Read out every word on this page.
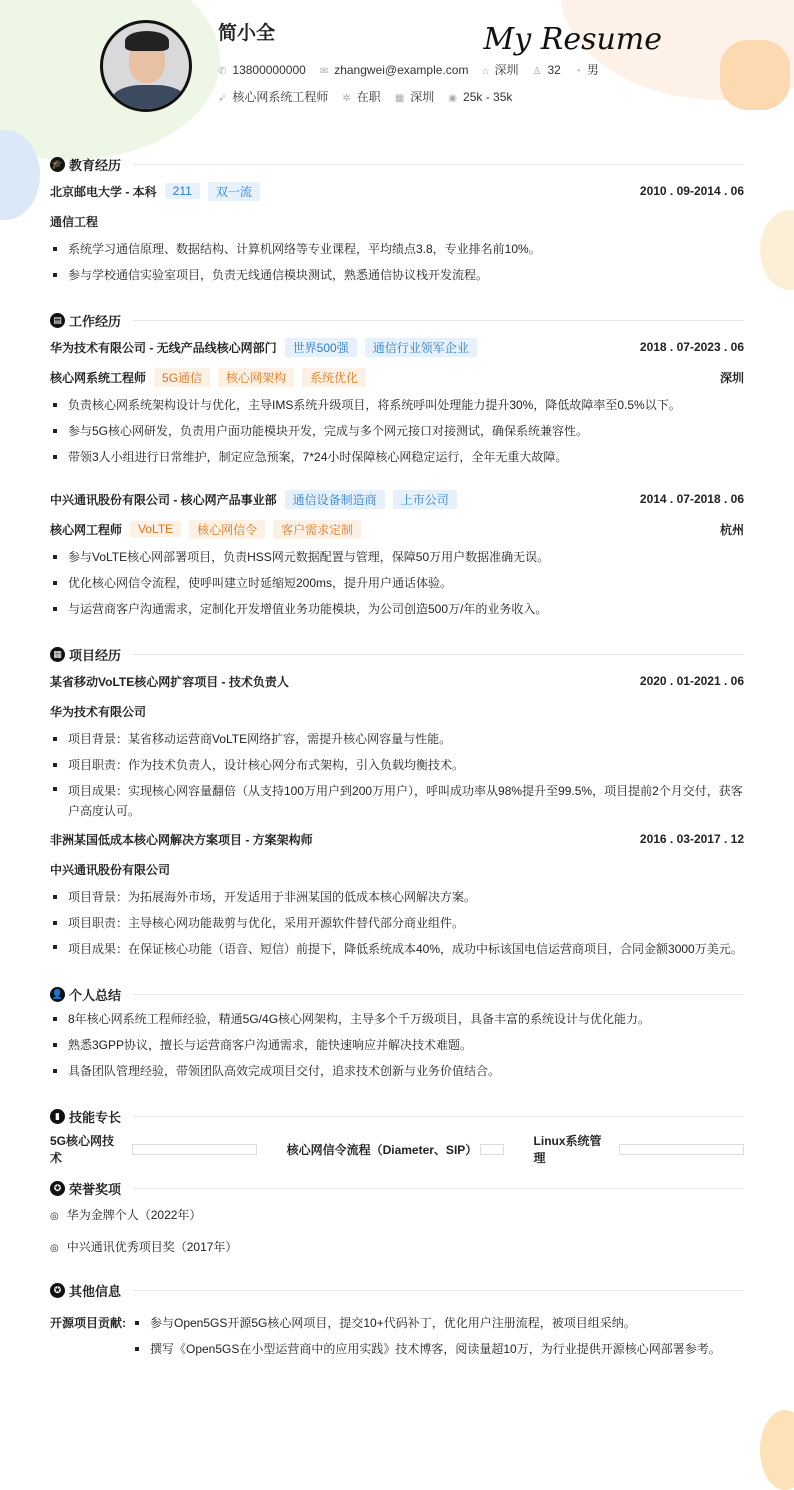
简小全	My Resume
✆ 13800000000 ✉ zhangwei@example.com ⌂ 深圳 ♙ 32 ◔ 男
➶ 核心网系统工程师 ✲ 在职 ▦ 深圳 ◉ 25k - 35k
🎓 教育经历
北京邮电大学 - 本科	211	双一流	2010 . 09-2014 . 06
通信工程
系统学习通信原理、数据结构、计算机网络等专业课程，平均绩点3.8，专业排名前10%。
参与学校通信实验室项目，负责无线通信模块测试，熟悉通信协议栈开发流程。
▤ 工作经历
华为技术有限公司 - 无线产品线核心网部门	世界500强	通信行业领军企业	2018 . 07-2023 . 06
核心网系统工程师	5G通信	核心网架构	系统优化	深圳
负责核心网系统架构设计与优化，主导IMS系统升级项目，将系统呼叫处理能力提升30%，降低故障率至0.5%以下。
参与5G核心网研发，负责用户面功能模块开发，完成与多个网元接口对接测试，确保系统兼容性。
带领3人小组进行日常维护，制定应急预案，7*24小时保障核心网稳定运行，全年无重大故障。
中兴通讯股份有限公司 - 核心网产品事业部	通信设备制造商	上市公司	2014 . 07-2018 . 06
核心网工程师	VoLTE	核心网信令	客户需求定制	杭州
参与VoLTE核心网部署项目，负责HSS网元数据配置与管理，保障50万用户数据准确无误。
优化核心网信令流程，使呼叫建立时延缩短200ms，提升用户通话体验。
与运营商客户沟通需求，定制化开发增值业务功能模块，为公司创造500万/年的业务收入。
▦ 项目经历
某省移动VoLTE核心网扩容项目 - 技术负责人	2020 . 01-2021 . 06
华为技术有限公司
项目背景：某省移动运营商VoLTE网络扩容，需提升核心网容量与性能。
项目职责：作为技术负责人，设计核心网分布式架构，引入负载均衡技术。
项目成果：实现核心网容量翻倍（从支持100万用户到200万用户），呼叫成功率从98%提升至99.5%，项目提前2个月交付，获客户高度认可。
非洲某国低成本核心网解决方案项目 - 方案架构师	2016 . 03-2017 . 12
中兴通讯股份有限公司
项目背景：为拓展海外市场，开发适用于非洲某国的低成本核心网解决方案。
项目职责：主导核心网功能裁剪与优化，采用开源软件替代部分商业组件。
项目成果：在保证核心功能（语音、短信）前提下，降低系统成本40%，成功中标该国电信运营商项目，合同金额3000万美元。
👤 个人总结
8年核心网系统工程师经验，精通5G/4G核心网架构，主导多个千万级项目，具备丰富的系统设计与优化能力。
熟悉3GPP协议，擅长与运营商客户沟通需求，能快速响应并解决技术难题。
具备团队管理经验，带领团队高效完成项目交付，追求技术创新与业务价值结合。
▮ 技能专长
5G核心网技术
核心网信令流程（Diameter、SIP）
Linux系统管理
✪ 荣誉奖项
◎ 华为金牌个人（2022年）
◎ 中兴通讯优秀项目奖（2017年）
✪ 其他信息
开源项目贡献:	参与Open5GS开源5G核心网项目，提交10+代码补丁，优化用户注册流程，被项目组采纳。
撰写《Open5GS在小型运营商中的应用实践》技术博客，阅读量超10万，为行业提供开源核心网部署参考。
